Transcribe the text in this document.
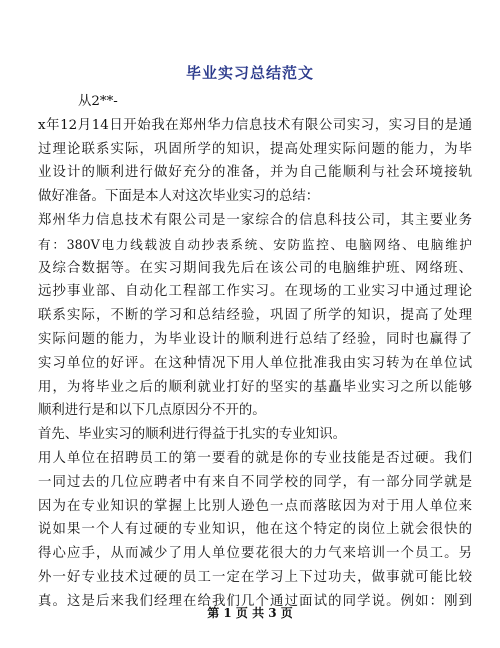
毕业实习总结范文
从2**-
x年12月14日开始我在郑州华力信息技术有限公司实习，实习目的是通
过理论联系实际，巩固所学的知识，提高处理实际问题的能力，为毕
业设计的顺利进行做好充分的准备，并为自己能顺利与社会环境接轨
做好准备。下面是本人对这次毕业实习的总结：
郑州华力信息技术有限公司是一家综合的信息科技公司，其主要业务
有：380V电力线载波自动抄表系统、安防监控、电脑网络、电脑维护
及综合数据等。在实习期间我先后在该公司的电脑维护班、网络班、
远抄事业部、自动化工程部工作实习。在现场的工业实习中通过理论
联系实际，不断的学习和总结经验，巩固了所学的知识，提高了处理
实际问题的能力，为毕业设计的顺利进行总结了经验，同时也赢得了
实习单位的好评。在这种情况下用人单位批准我由实习转为在单位试
用，为将毕业之后的顺利就业打好的坚实的基矗毕业实习之所以能够
顺利进行是和以下几点原因分不开的。
首先、毕业实习的顺利进行得益于扎实的专业知识。
用人单位在招聘员工的第一要看的就是你的专业技能是否过硬。我们
一同过去的几位应聘者中有来自不同学校的同学，有一部分同学就是
因为在专业知识的掌握上比别人逊色一点而落眩因为对于用人单位来
说如果一个人有过硬的专业知识，他在这个特定的岗位上就会很快的
得心应手，从而减少了用人单位要花很大的力气来培训一个员工。另
外一好专业技术过硬的员工一定在学习上下过功夫，做事就可能比较
真。这是后来我们经理在给我们几个通过面试的同学说。例如：刚到
第 1 页 共 3 页
